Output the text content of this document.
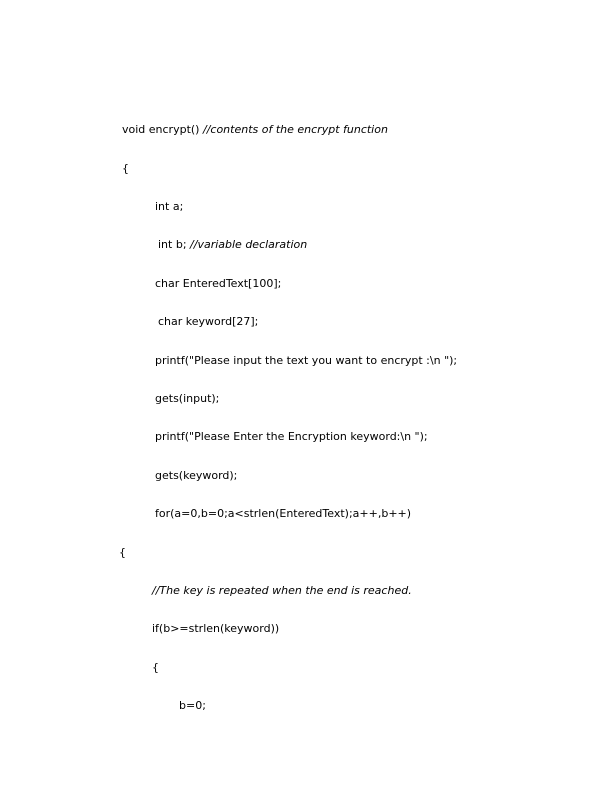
void encrypt() //contents of the encrypt function

{

int a;

int b; //variable declaration

char EnteredText[100];

char keyword[27];

printf("Please input the text you want to encrypt :\n ");

gets(input);

printf("Please Enter the Encryption keyword:\n ");

gets(keyword);

for(a=0,b=0;a<strlen(EnteredText);a++,b++)

{

//The key is repeated when the end is reached.

if(b>=strlen(keyword))

{

b=0;
